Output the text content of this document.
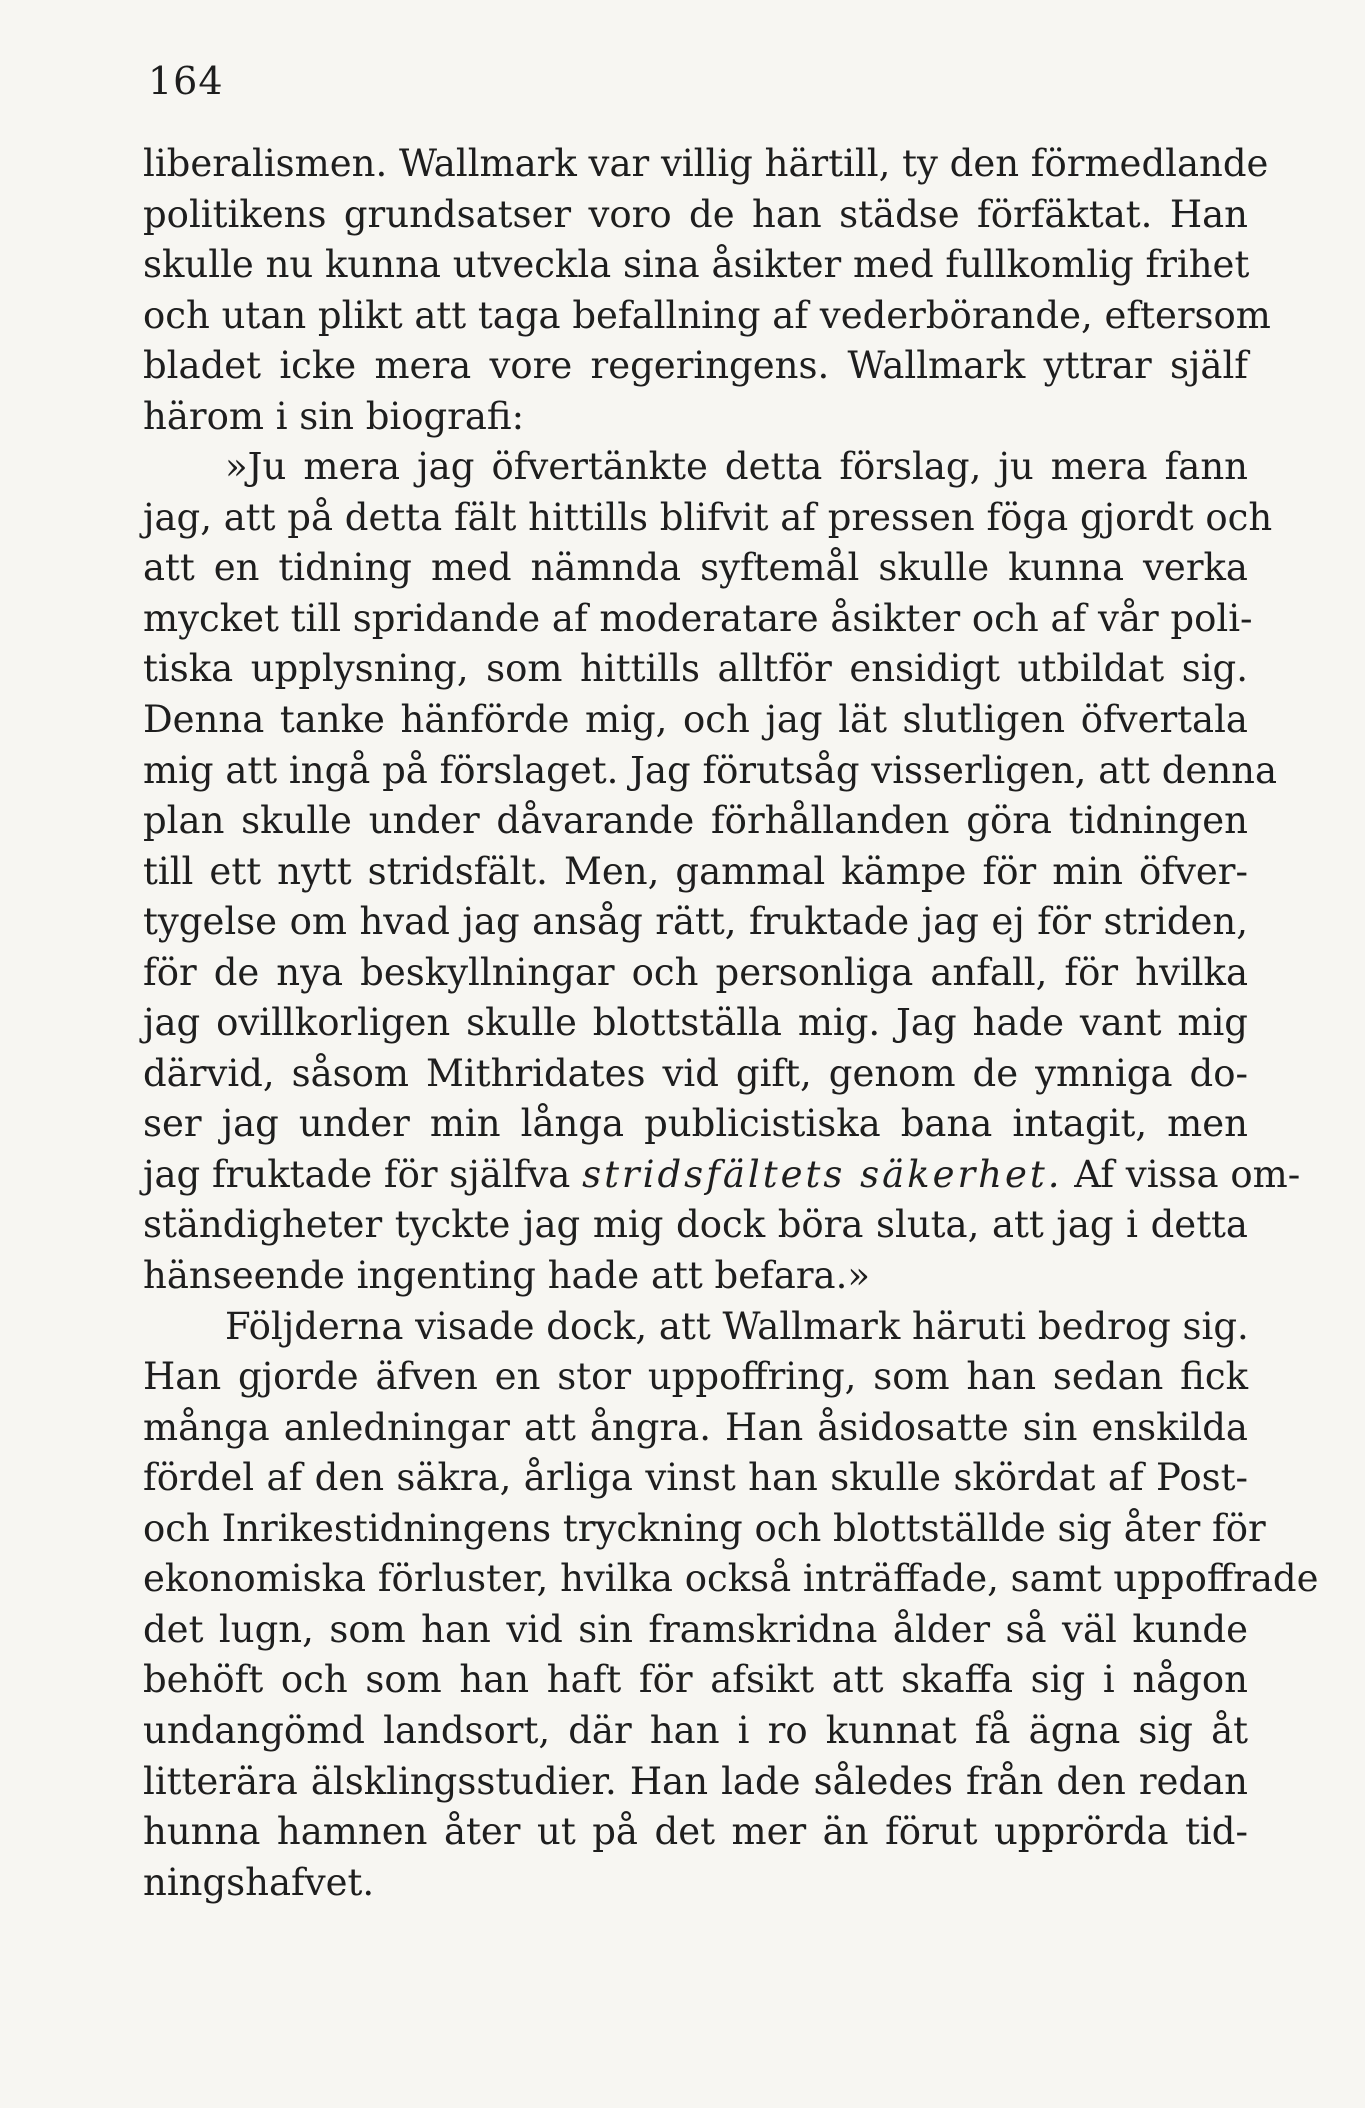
164
liberalismen. Wallmark var villig härtill, ty den förmedlande
politikens grundsatser voro de han städse förfäktat. Han
skulle nu kunna utveckla sina åsikter med fullkomlig frihet
och utan plikt att taga befallning af vederbörande, eftersom
bladet icke mera vore regeringens. Wallmark yttrar själf
härom i sin biografi:
»Ju mera jag öfvertänkte detta förslag, ju mera fann
jag, att på detta fält hittills blifvit af pressen föga gjordt och
att en tidning med nämnda syftemål skulle kunna verka
mycket till spridande af moderatare åsikter och af vår poli-
tiska upplysning, som hittills alltför ensidigt utbildat sig.
Denna tanke hänförde mig, och jag lät slutligen öfvertala
mig att ingå på förslaget. Jag förutsåg visserligen, att denna
plan skulle under dåvarande förhållanden göra tidningen
till ett nytt stridsfält. Men, gammal kämpe för min öfver-
tygelse om hvad jag ansåg rätt, fruktade jag ej för striden,
för de nya beskyllningar och personliga anfall, för hvilka
jag ovillkorligen skulle blottställa mig. Jag hade vant mig
därvid, såsom Mithridates vid gift, genom de ymniga do-
ser jag under min långa publicistiska bana intagit, men
jag fruktade för själfva stridsfältets säkerhet. Af vissa om-
ständigheter tyckte jag mig dock böra sluta, att jag i detta
hänseende ingenting hade att befara.»
Följderna visade dock, att Wallmark häruti bedrog sig.
Han gjorde äfven en stor uppoffring, som han sedan fick
många anledningar att ångra. Han åsidosatte sin enskilda
fördel af den säkra, årliga vinst han skulle skördat af Post-
och Inrikestidningens tryckning och blottställde sig åter för
ekonomiska förluster, hvilka också inträffade, samt uppoffrade
det lugn, som han vid sin framskridna ålder så väl kunde
behöft och som han haft för afsikt att skaffa sig i någon
undangömd landsort, där han i ro kunnat få ägna sig åt
litterära älsklingsstudier. Han lade således från den redan
hunna hamnen åter ut på det mer än förut upprörda tid-
ningshafvet.
